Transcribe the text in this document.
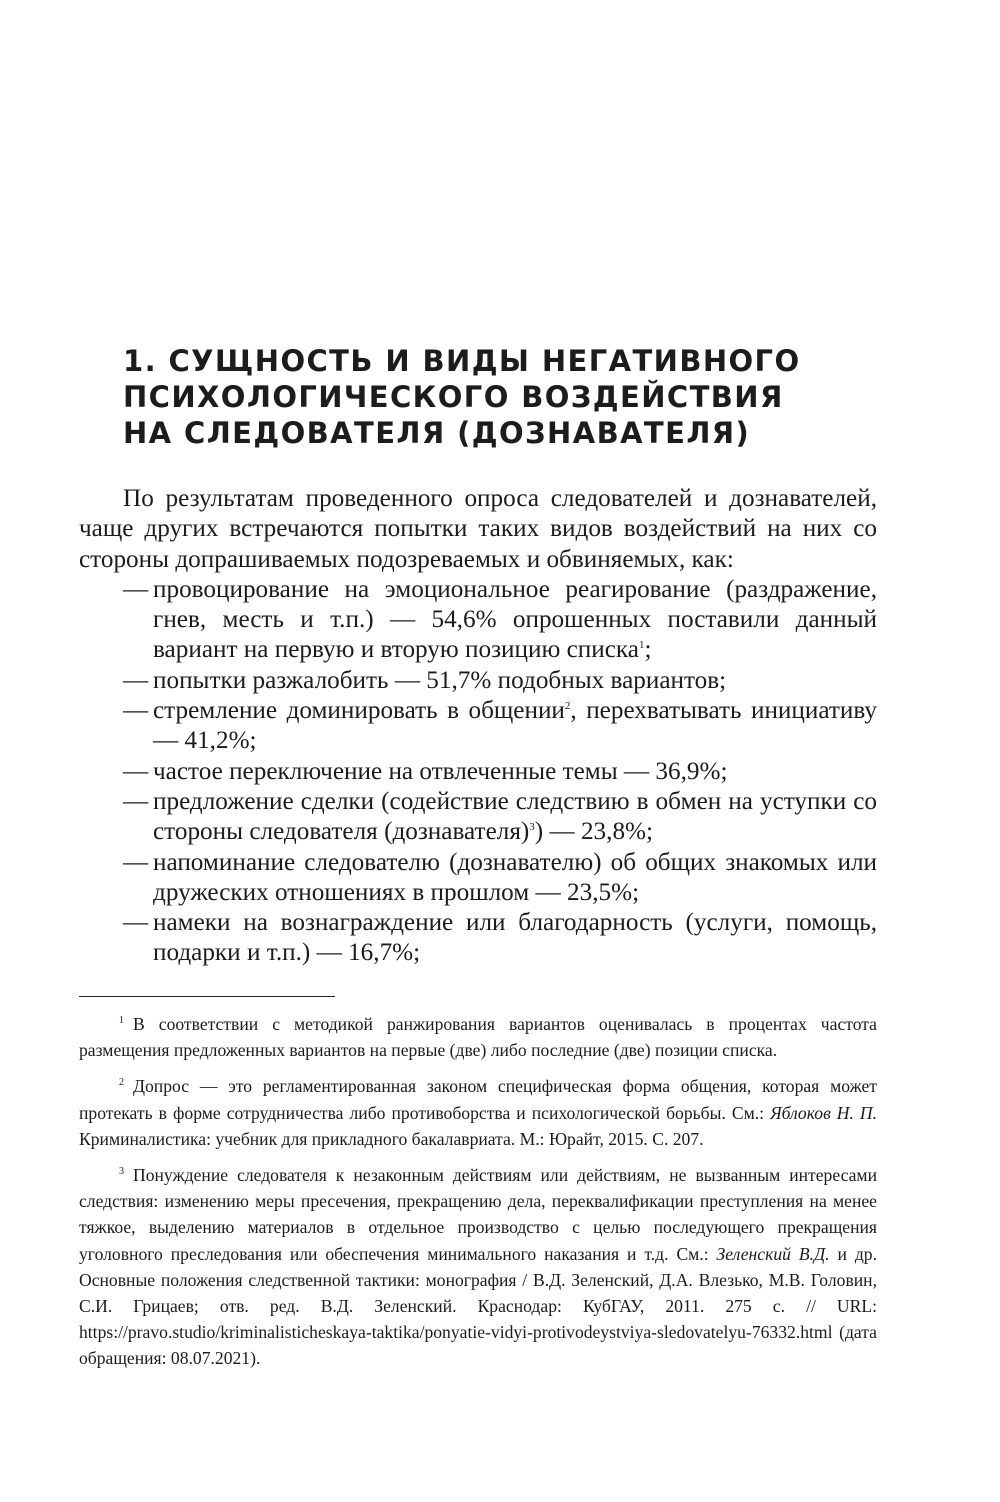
1. СУЩНОСТЬ И ВИДЫ НЕГАТИВНОГО
ПСИХОЛОГИЧЕСКОГО ВОЗДЕЙСТВИЯ
НА СЛЕДОВАТЕЛЯ (ДОЗНАВАТЕЛЯ)

По результатам проведенного опроса следователей и дознавателей, чаще других встречаются попытки таких видов воздействий на них со стороны допрашиваемых подозреваемых и обвиняемых, как:

— провоцирование на эмоциональное реагирование (раздражение, гнев, месть и т.п.) — 54,6% опрошенных поставили данный вариант на первую и вторую позицию списка$^1$;
— попытки разжалобить — 51,7% подобных вариантов;
— стремление доминировать в общении$^2$, перехватывать инициативу — 41,2%;
— частое переключение на отвлеченные темы — 36,9%;
— предложение сделки (содействие следствию в обмен на уступки со стороны следователя (дознавателя)$^3$) — 23,8%;
— напоминание следователю (дознавателю) об общих знакомых или дружеских отношениях в прошлом — 23,5%;
— намеки на вознаграждение или благодарность (услуги, помощь, подарки и т.п.) — 16,7%;

$^1$ В соответствии с методикой ранжирования вариантов оценивалась в процентах частота размещения предложенных вариантов на первые (две) либо последние (две) позиции списка.

$^2$ Допрос — это регламентированная законом специфическая форма общения, которая может протекать в форме сотрудничества либо противоборства и психологической борьбы. См.: Яблоков Н. П. Криминалистика: учебник для прикладного бакалавриата. М.: Юрайт, 2015. С. 207.

$^3$ Понуждение следователя к незаконным действиям или действиям, не вызванным интересами следствия: изменению меры пресечения, прекращению дела, переквалификации преступления на менее тяжкое, выделению материалов в отдельное производство с целью последующего прекращения уголовного преследования или обеспечения минимального наказания и т.д. См.: Зеленский В.Д. и др. Основные положения следственной тактики: монография / В.Д. Зеленский, Д.А. Влезько, М.В. Головин, С.И. Грицаев; отв. ред. В.Д. Зеленский. Краснодар: КубГАУ, 2011. 275 с. // URL: https://pravo.studio/kriminalisticheskaya-taktika/ponyatie-vidyi-protivodeystviya-sledovatelyu-76332.html (дата обращения: 08.07.2021).
